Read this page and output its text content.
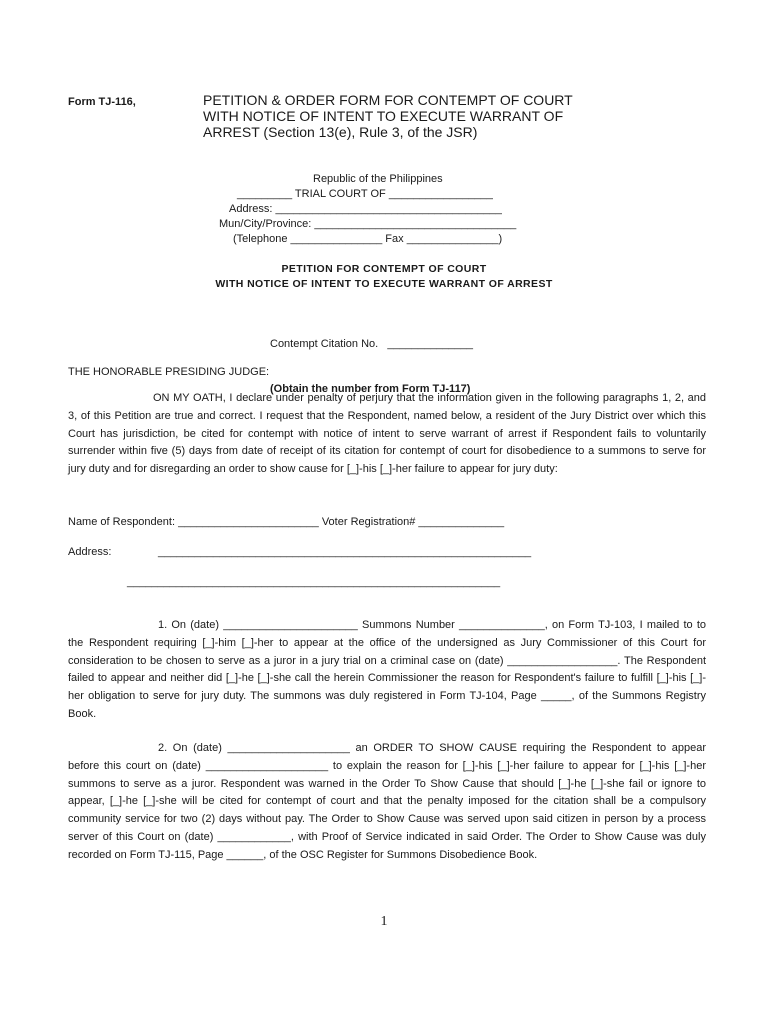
Form TJ-116,	PETITION & ORDER FORM FOR CONTEMPT OF COURT
WITH NOTICE OF INTENT TO EXECUTE WARRANT OF
ARREST (Section 13(e), Rule 3, of the JSR)
Republic of the Philippines
_________ TRIAL COURT OF _________________
Address: _____________________________________
Mun/City/Province: _________________________________
(Telephone _______________ Fax _______________)
PETITION FOR CONTEMPT OF COURT
WITH NOTICE OF INTENT TO EXECUTE WARRANT OF ARREST

Contempt Citation No.   ______________

(Obtain the number from Form TJ-117)

THE HONORABLE PRESIDING JUDGE:
ON MY OATH, I declare under penalty of perjury that the information given in the following paragraphs 1, 2, and 3, of this Petition are true and correct. I request that the Respondent, named below, a resident of the Jury District over which this Court has jurisdiction, be cited for contempt with notice of intent to serve warrant of arrest if Respondent fails to voluntarily surrender within five (5) days from date of receipt of its citation for contempt of court for disobedience to a summons to serve for jury duty and for disregarding an order to show cause for [_]-his [_]-her failure to appear for jury duty:
Name of Respondent: _______________________ Voter Registration# ______________
Address:	_____________________________________________________________
_____________________________________________________________
1. On (date) ______________________ Summons Number ______________, on Form TJ-103, I mailed to to the Respondent requiring [_]-him [_]-her to appear at the office of the undersigned as Jury Commissioner of this Court for consideration to be chosen to serve as a juror in a jury trial on a criminal case on (date) __________________. The Respondent failed to appear and neither did [_]-he [_]-she call the herein Commissioner the reason for Respondent's failure to fulfill [_]-his [_]-her obligation to serve for jury duty. The summons was duly registered in Form TJ-104, Page _____, of the Summons Registry Book.
2. On (date) ____________________ an ORDER TO SHOW CAUSE requiring the Respondent to appear before this court on (date) ____________________ to explain the reason for [_]-his [_]-her failure to appear for [_]-his [_]-her summons to serve as a juror. Respondent was warned in the Order To Show Cause that should [_]-he [_]-she fail or ignore to appear, [_]-he [_]-she will be cited for contempt of court and that the penalty imposed for the citation shall be a compulsory community service for two (2) days without pay. The Order to Show Cause was served upon said citizen in person by a process server of this Court on (date) ____________, with Proof of Service indicated in said Order. The Order to Show Cause was duly recorded on Form TJ-115, Page ______, of the OSC Register for Summons Disobedience Book.
1
